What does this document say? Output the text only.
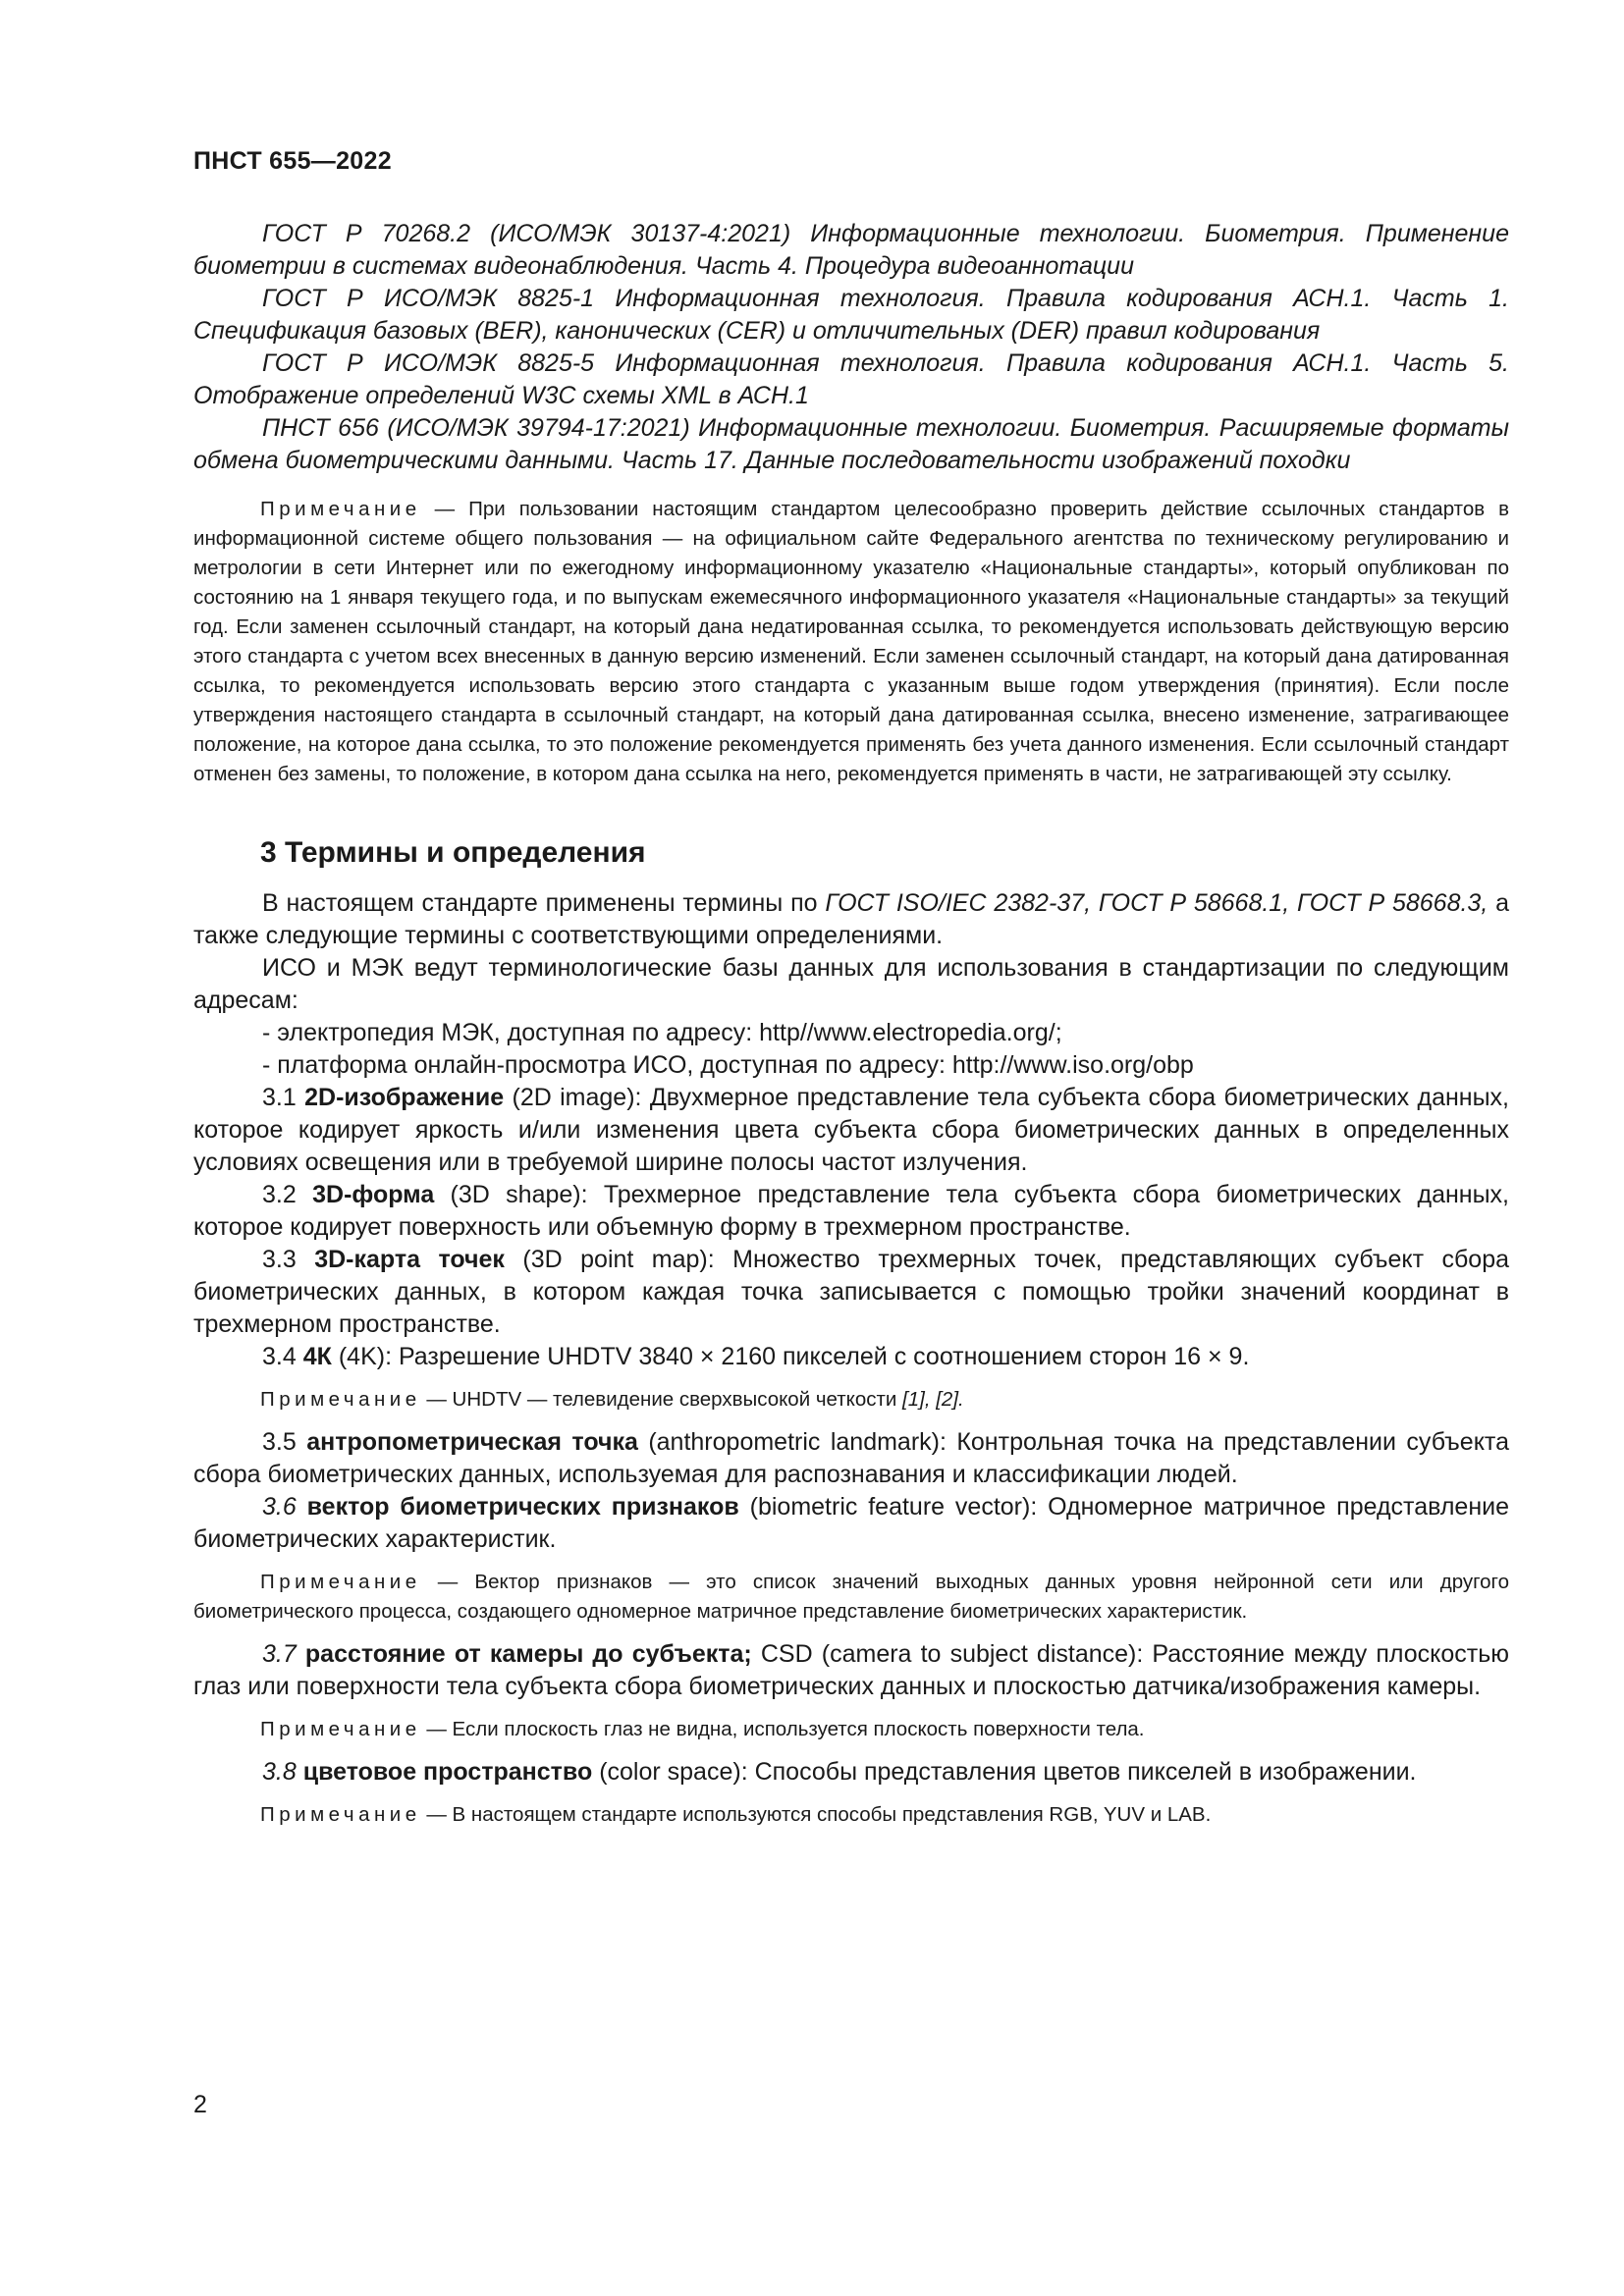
ПНСТ 655—2022

ГОСТ Р 70268.2 (ИСО/МЭК 30137-4:2021) Информационные технологии. Биометрия. Применение биометрии в системах видеонаблюдения. Часть 4. Процедура видеоаннотации

ГОСТ Р ИСО/МЭК 8825-1 Информационная технология. Правила кодирования АСН.1. Часть 1. Спецификация базовых (BER), канонических (CER) и отличительных (DER) правил кодирования

ГОСТ Р ИСО/МЭК 8825-5 Информационная технология. Правила кодирования АСН.1. Часть 5. Отображение определений W3C схемы XML в АСН.1

ПНСТ 656 (ИСО/МЭК 39794-17:2021) Информационные технологии. Биометрия. Расширяемые форматы обмена биометрическими данными. Часть 17. Данные последовательности изображений походки

Примечание — При пользовании настоящим стандартом целесообразно проверить действие ссылочных стандартов в информационной системе общего пользования — на официальном сайте Федерального агентства по техническому регулированию и метрологии в сети Интернет или по ежегодному информационному указателю «Национальные стандарты», который опубликован по состоянию на 1 января текущего года, и по выпускам ежемесячного информационного указателя «Национальные стандарты» за текущий год. Если заменен ссылочный стандарт, на который дана недатированная ссылка, то рекомендуется использовать действующую версию этого стандарта с учетом всех внесенных в данную версию изменений. Если заменен ссылочный стандарт, на который дана датированная ссылка, то рекомендуется использовать версию этого стандарта с указанным выше годом утверждения (принятия). Если после утверждения настоящего стандарта в ссылочный стандарт, на который дана датированная ссылка, внесено изменение, затрагивающее положение, на которое дана ссылка, то это положение рекомендуется применять без учета данного изменения. Если ссылочный стандарт отменен без замены, то положение, в котором дана ссылка на него, рекомендуется применять в части, не затрагивающей эту ссылку.

3 Термины и определения

В настоящем стандарте применены термины по ГОСТ ISO/IEC 2382-37, ГОСТ Р 58668.1, ГОСТ Р 58668.3, а также следующие термины с соответствующими определениями.

ИСО и МЭК ведут терминологические базы данных для использования в стандартизации по следующим адресам:

- электропедия МЭК, доступная по адресу: http//www.electropedia.org/;

- платформа онлайн-просмотра ИСО, доступная по адресу: http://www.iso.org/obp

3.1 2D-изображение (2D image): Двухмерное представление тела субъекта сбора биометрических данных, которое кодирует яркость и/или изменения цвета субъекта сбора биометрических данных в определенных условиях освещения или в требуемой ширине полосы частот излучения.

3.2 3D-форма (3D shape): Трехмерное представление тела субъекта сбора биометрических данных, которое кодирует поверхность или объемную форму в трехмерном пространстве.

3.3 3D-карта точек (3D point map): Множество трехмерных точек, представляющих субъект сбора биометрических данных, в котором каждая точка записывается с помощью тройки значений координат в трехмерном пространстве.

3.4 4К (4K): Разрешение UHDTV 3840 × 2160 пикселей с соотношением сторон 16 × 9.

Примечание — UHDTV — телевидение сверхвысокой четкости [1], [2].

3.5 антропометрическая точка (anthropometric landmark): Контрольная точка на представлении субъекта сбора биометрических данных, используемая для распознавания и классификации людей.

3.6 вектор биометрических признаков (biometric feature vector): Одномерное матричное представление биометрических характеристик.

Примечание — Вектор признаков — это список значений выходных данных уровня нейронной сети или другого биометрического процесса, создающего одномерное матричное представление биометрических характеристик.

3.7 расстояние от камеры до субъекта; CSD (camera to subject distance): Расстояние между плоскостью глаз или поверхности тела субъекта сбора биометрических данных и плоскостью датчика/изображения камеры.

Примечание — Если плоскость глаз не видна, используется плоскость поверхности тела.

3.8 цветовое пространство (color space): Способы представления цветов пикселей в изображении.

Примечание — В настоящем стандарте используются способы представления RGB, YUV и LAB.

2
